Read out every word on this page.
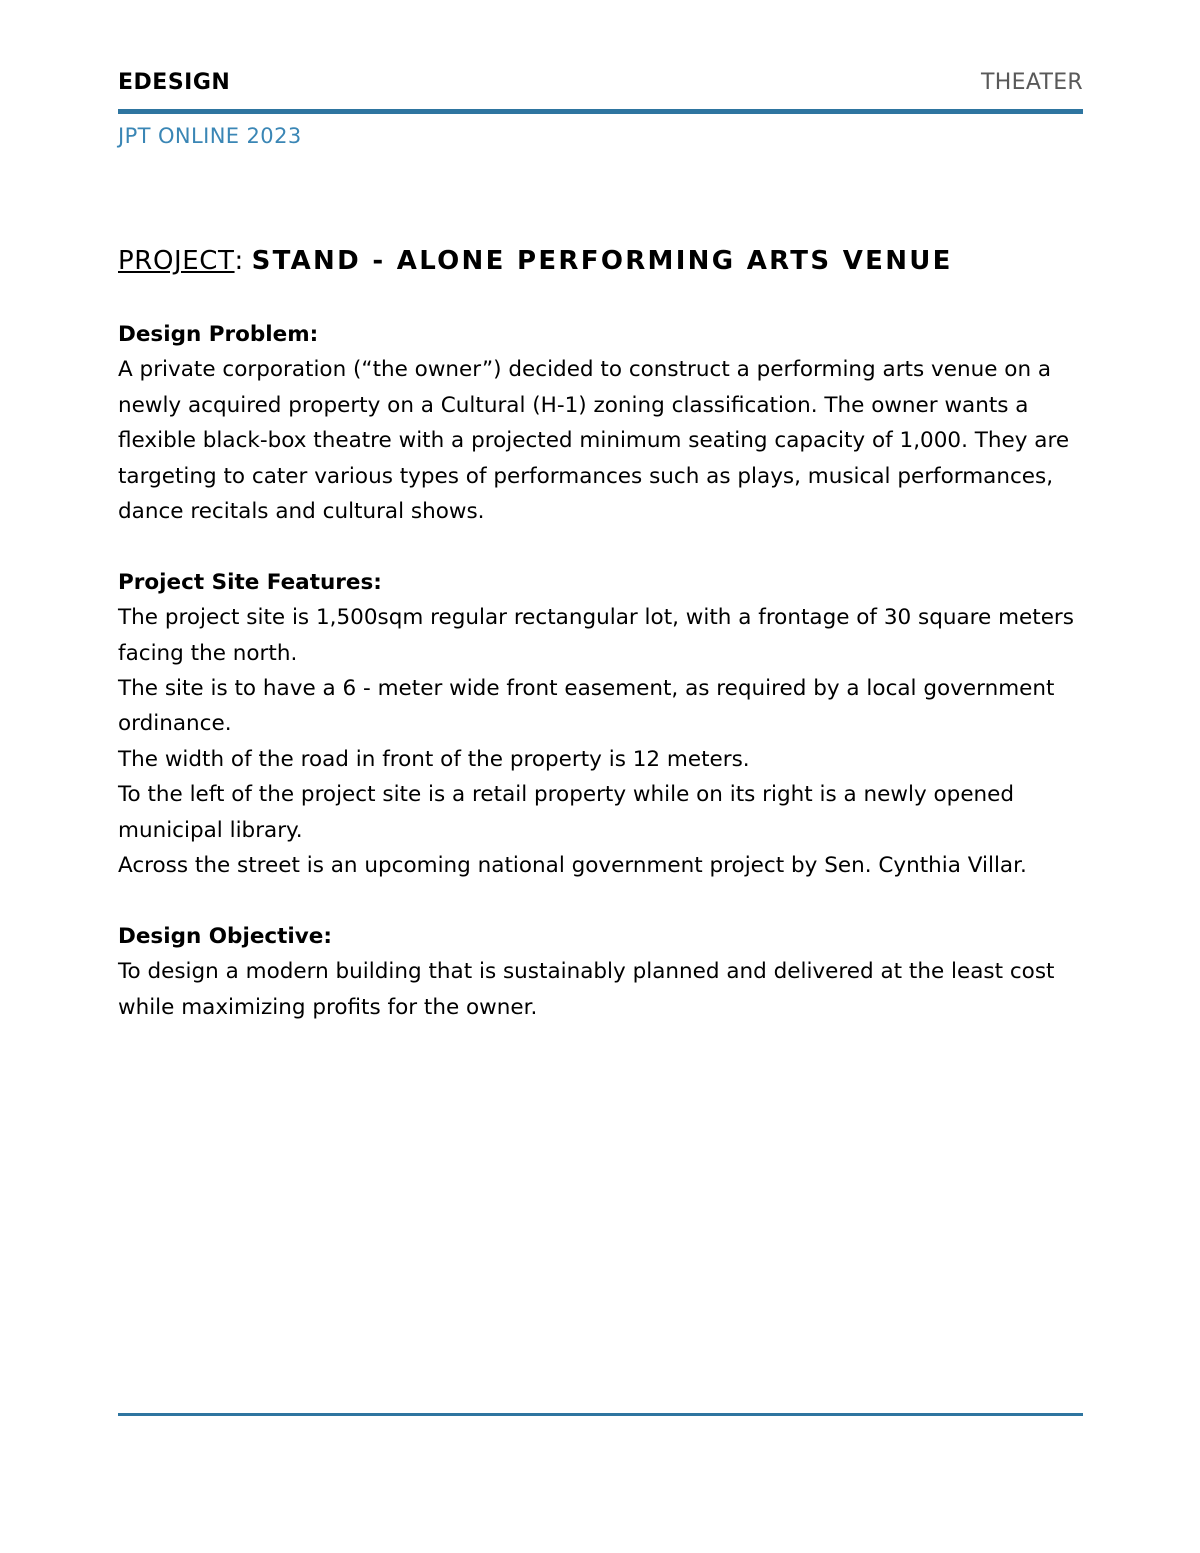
EDESIGN	THEATER
JPT ONLINE 2023
PROJECT: STAND - ALONE PERFORMING ARTS VENUE
Design Problem:

A private corporation (“the owner”) decided to construct a performing arts venue on a newly acquired property on a Cultural (H-1) zoning classification. The owner wants a flexible black-box theatre with a projected minimum seating capacity of 1,000. They are targeting to cater various types of performances such as plays, musical performances, dance recitals and cultural shows.

Project Site Features:

The project site is 1,500sqm regular rectangular lot, with a frontage of 30 square meters facing the north.

The site is to have a 6 - meter wide front easement, as required by a local government ordinance.

The width of the road in front of the property is 12 meters.

To the left of the project site is a retail property while on its right is a newly opened municipal library.

Across the street is an upcoming national government project by Sen. Cynthia Villar.

Design Objective:

To design a modern building that is sustainably planned and delivered at the least cost while maximizing profits for the owner.
